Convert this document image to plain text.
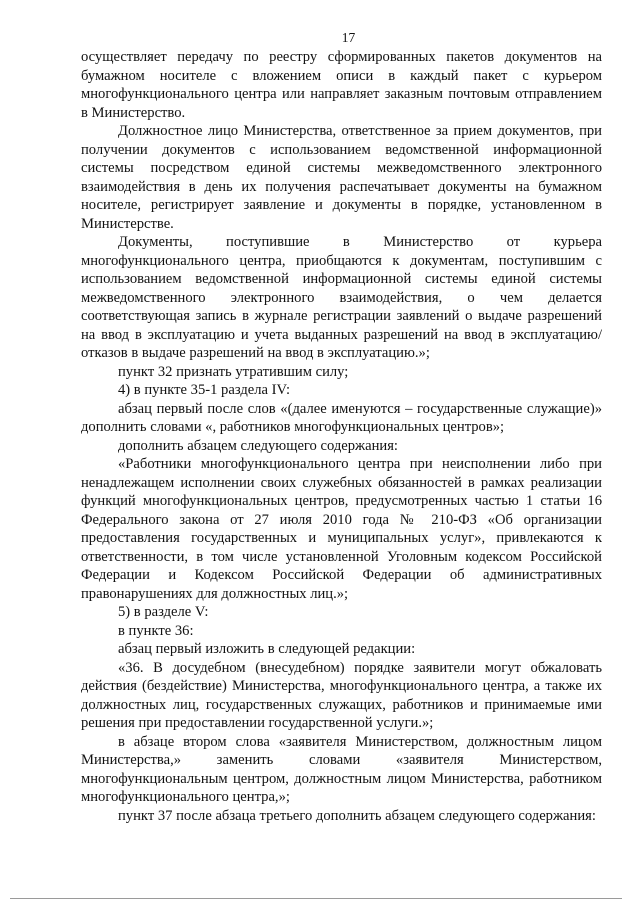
17

осуществляет передачу по реестру сформированных пакетов документов на бумажном носителе с вложением описи в каждый пакет с курьером многофункционального центра или направляет заказным почтовым отправлением в Министерство.

Должностное лицо Министерства, ответственное за прием документов, при получении документов с использованием ведомственной информационной системы посредством единой системы межведомственного электронного взаимодействия в день их получения распечатывает документы на бумажном носителе, регистрирует заявление и документы в порядке, установленном в Министерстве.

Документы, поступившие в Министерство от курьера многофункционального центра, приобщаются к документам, поступившим с использованием ведомственной информационной системы единой системы межведомственного электронного взаимодействия, о чем делается соответствующая запись в журнале регистрации заявлений о выдаче разрешений на ввод в эксплуатацию и учета выданных разрешений на ввод в эксплуатацию/отказов в выдаче разрешений на ввод в эксплуатацию.»;

пункт 32 признать утратившим силу;

4) в пункте 35-1 раздела IV:

абзац первый после слов «(далее именуются – государственные служащие)» дополнить словами «, работников многофункциональных центров»;

дополнить абзацем следующего содержания:

«Работники многофункционального центра при неисполнении либо при ненадлежащем исполнении своих служебных обязанностей в рамках реализации функций многофункциональных центров, предусмотренных частью 1 статьи 16 Федерального закона от 27 июля 2010 года № 210-ФЗ «Об организации предоставления государственных и муниципальных услуг», привлекаются к ответственности, в том числе установленной Уголовным кодексом Российской Федерации и Кодексом Российской Федерации об административных правонарушениях для должностных лиц.»;

5) в разделе V:

в пункте 36:

абзац первый изложить в следующей редакции:

«36. В досудебном (внесудебном) порядке заявители могут обжаловать действия (бездействие) Министерства, многофункционального центра, а также их должностных лиц, государственных служащих, работников и принимаемые ими решения при предоставлении государственной услуги.»;

в абзаце втором слова «заявителя Министерством, должностным лицом Министерства,» заменить словами «заявителя Министерством, многофункциональным центром, должностным лицом Министерства, работником многофункционального центра,»;

пункт 37 после абзаца третьего дополнить абзацем следующего содержания:
